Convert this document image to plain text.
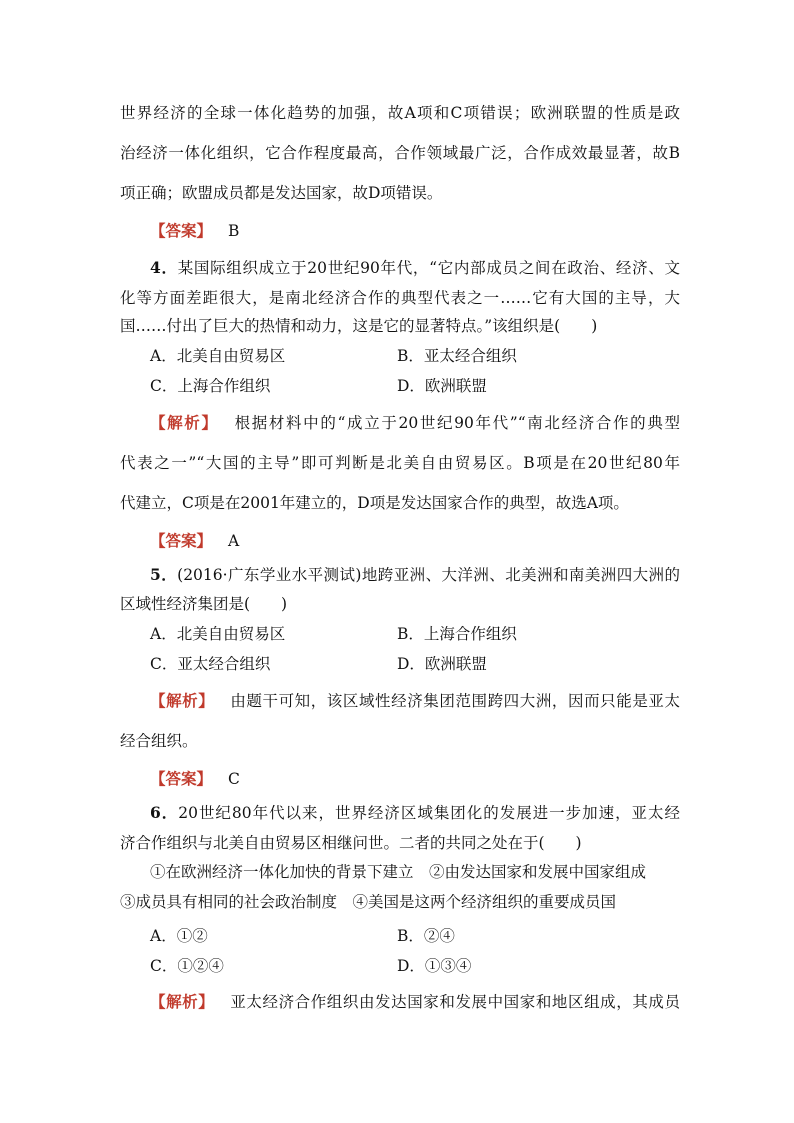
世界经济的全球一体化趋势的加强，故A项和C项错误；欧洲联盟的性质是政
治经济一体化组织，它合作程度最高，合作领域最广泛，合作成效最显著，故B
项正确；欧盟成员都是发达国家，故D项错误。
【答案】 B
4．某国际组织成立于20世纪90年代，“它内部成员之间在政治、经济、文
化等方面差距很大，是南北经济合作的典型代表之一……它有大国的主导，大
国……付出了巨大的热情和动力，这是它的显著特点。”该组织是(　　)
A．北美自由贸易区	B．亚太经合组织
C．上海合作组织	D．欧洲联盟
【解析】 根据材料中的“成立于20世纪90年代”“南北经济合作的典型
代表之一”“大国的主导”即可判断是北美自由贸易区。B项是在20世纪80年
代建立，C项是在2001年建立的，D项是发达国家合作的典型，故选A项。
【答案】 A
5．(2016·广东学业水平测试)地跨亚洲、大洋洲、北美洲和南美洲四大洲的
区域性经济集团是(　　)
A．北美自由贸易区	B．上海合作组织
C．亚太经合组织	D．欧洲联盟
【解析】 由题干可知，该区域性经济集团范围跨四大洲，因而只能是亚太
经合组织。
【答案】 C
6．20世纪80年代以来，世界经济区域集团化的发展进一步加速，亚太经
济合作组织与北美自由贸易区相继问世。二者的共同之处在于(　　)
①在欧洲经济一体化加快的背景下建立　②由发达国家和发展中国家组成
③成员具有相同的社会政治制度　④美国是这两个经济组织的重要成员国
A．①②	B．②④
C．①②④	D．①③④
【解析】 亚太经济合作组织由发达国家和发展中国家和地区组成，其成员
